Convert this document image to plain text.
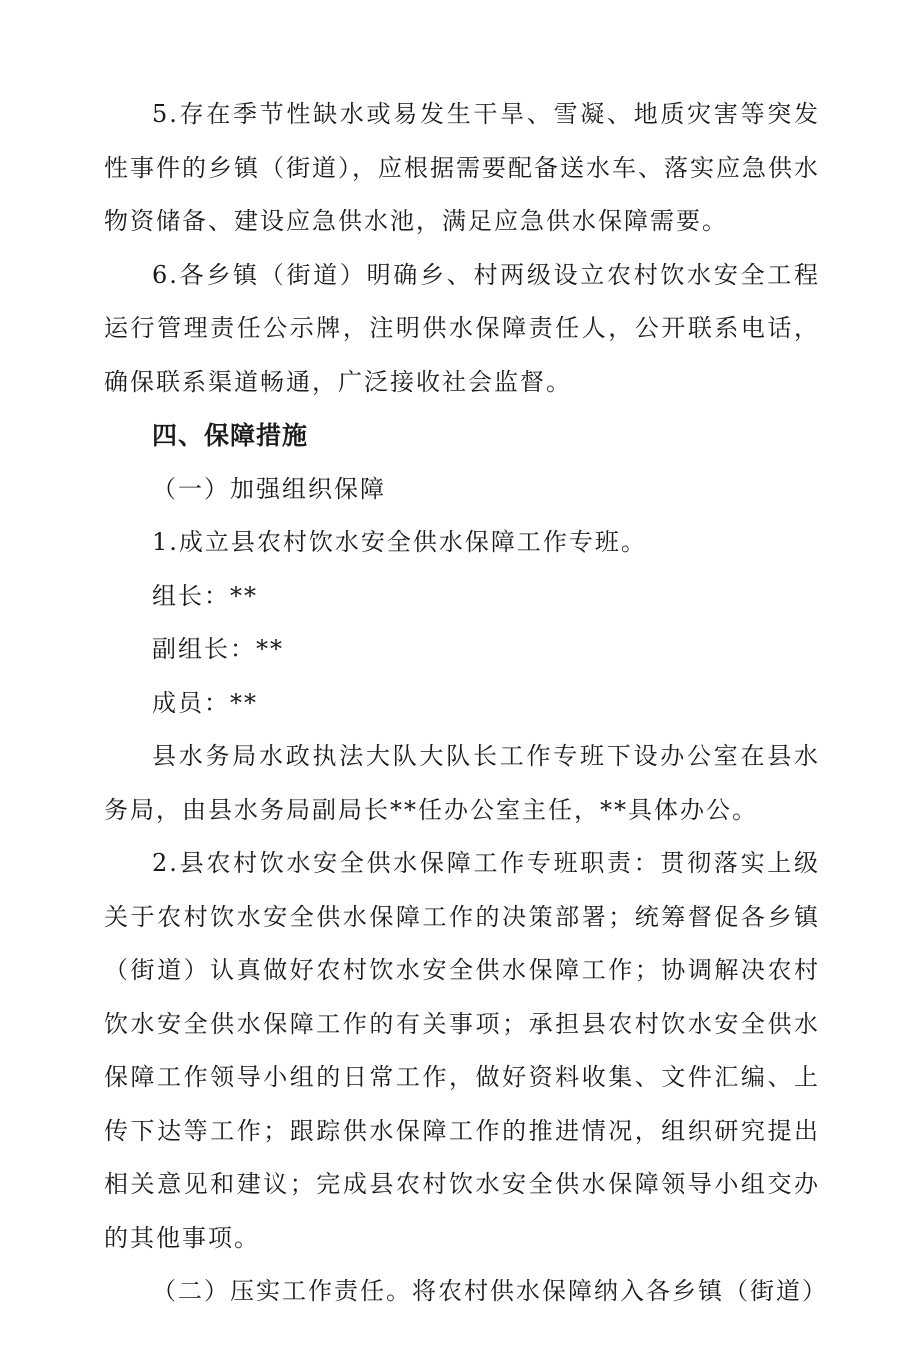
5.存在季节性缺水或易发生干旱、雪凝、地质灾害等突发性事件的乡镇（街道），应根据需要配备送水车、落实应急供水物资储备、建设应急供水池，满足应急供水保障需要。

6.各乡镇（街道）明确乡、村两级设立农村饮水安全工程运行管理责任公示牌，注明供水保障责任人，公开联系电话，确保联系渠道畅通，广泛接收社会监督。

四、保障措施

（一）加强组织保障

1.成立县农村饮水安全供水保障工作专班。

组长：**

副组长：**

成员：**

县水务局水政执法大队大队长工作专班下设办公室在县水务局，由县水务局副局长**任办公室主任，**具体办公。

2.县农村饮水安全供水保障工作专班职责：贯彻落实上级关于农村饮水安全供水保障工作的决策部署；统筹督促各乡镇（街道）认真做好农村饮水安全供水保障工作；协调解决农村饮水安全供水保障工作的有关事项；承担县农村饮水安全供水保障工作领导小组的日常工作，做好资料收集、文件汇编、上传下达等工作；跟踪供水保障工作的推进情况，组织研究提出相关意见和建议；完成县农村饮水安全供水保障领导小组交办的其他事项。

（二）压实工作责任。将农村供水保障纳入各乡镇（街道）
